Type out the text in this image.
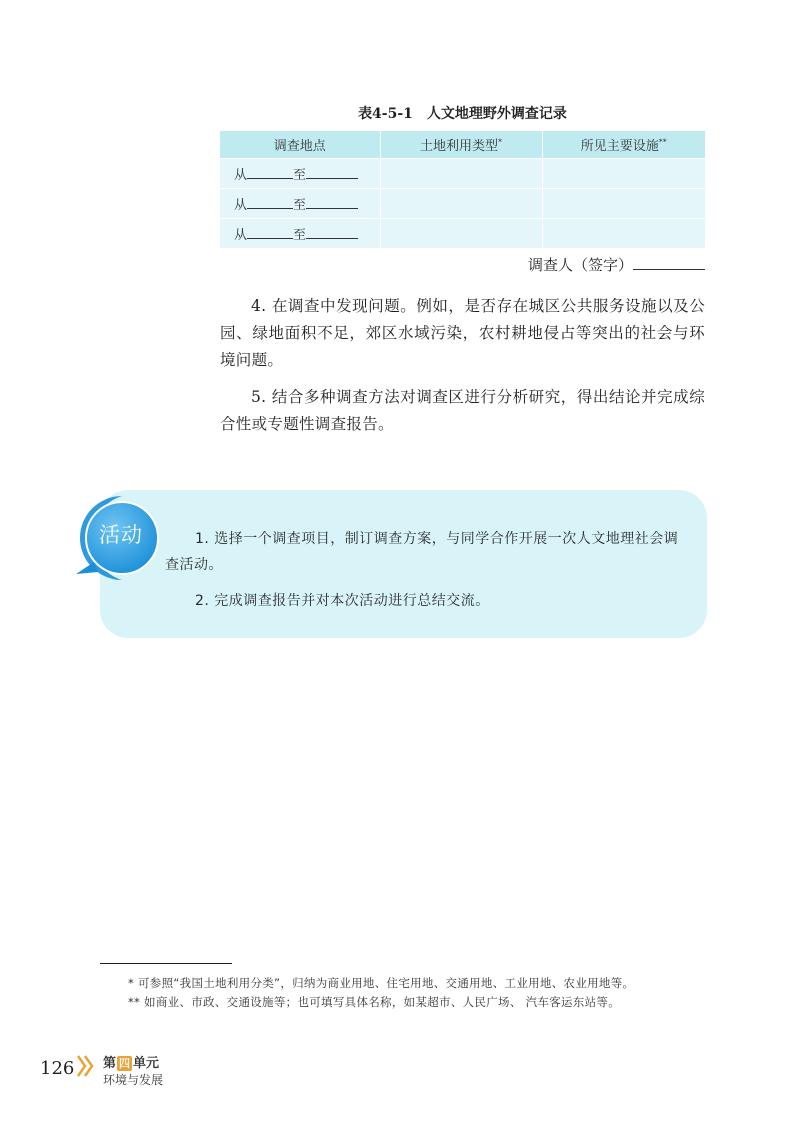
表4-5-1　人文地理野外调查记录
调查地点	土地利用类型*	所见主要设施**
从 至		
从 至		
从 至		
调查人（签字）

4. 在调查中发现问题。例如，是否存在城区公共服务设施以及公园、绿地面积不足，郊区水域污染，农村耕地侵占等突出的社会与环境问题。

5. 结合多种调查方法对调查区进行分析研究，得出结论并完成综合性或专题性调查报告。

活动	1. 选择一个调查项目，制订调查方案，与同学合作开展一次人文地理社会调查活动。
2. 完成调查报告并对本次活动进行总结交流。
* 可参照“我国土地利用分类”，归纳为商业用地、住宅用地、交通用地、工业用地、农业用地等。
** 如商业、市政、交通设施等；也可填写具体名称，如某超市、人民广场、 汽车客运东站等。
126 第 四 单元
环境与发展
